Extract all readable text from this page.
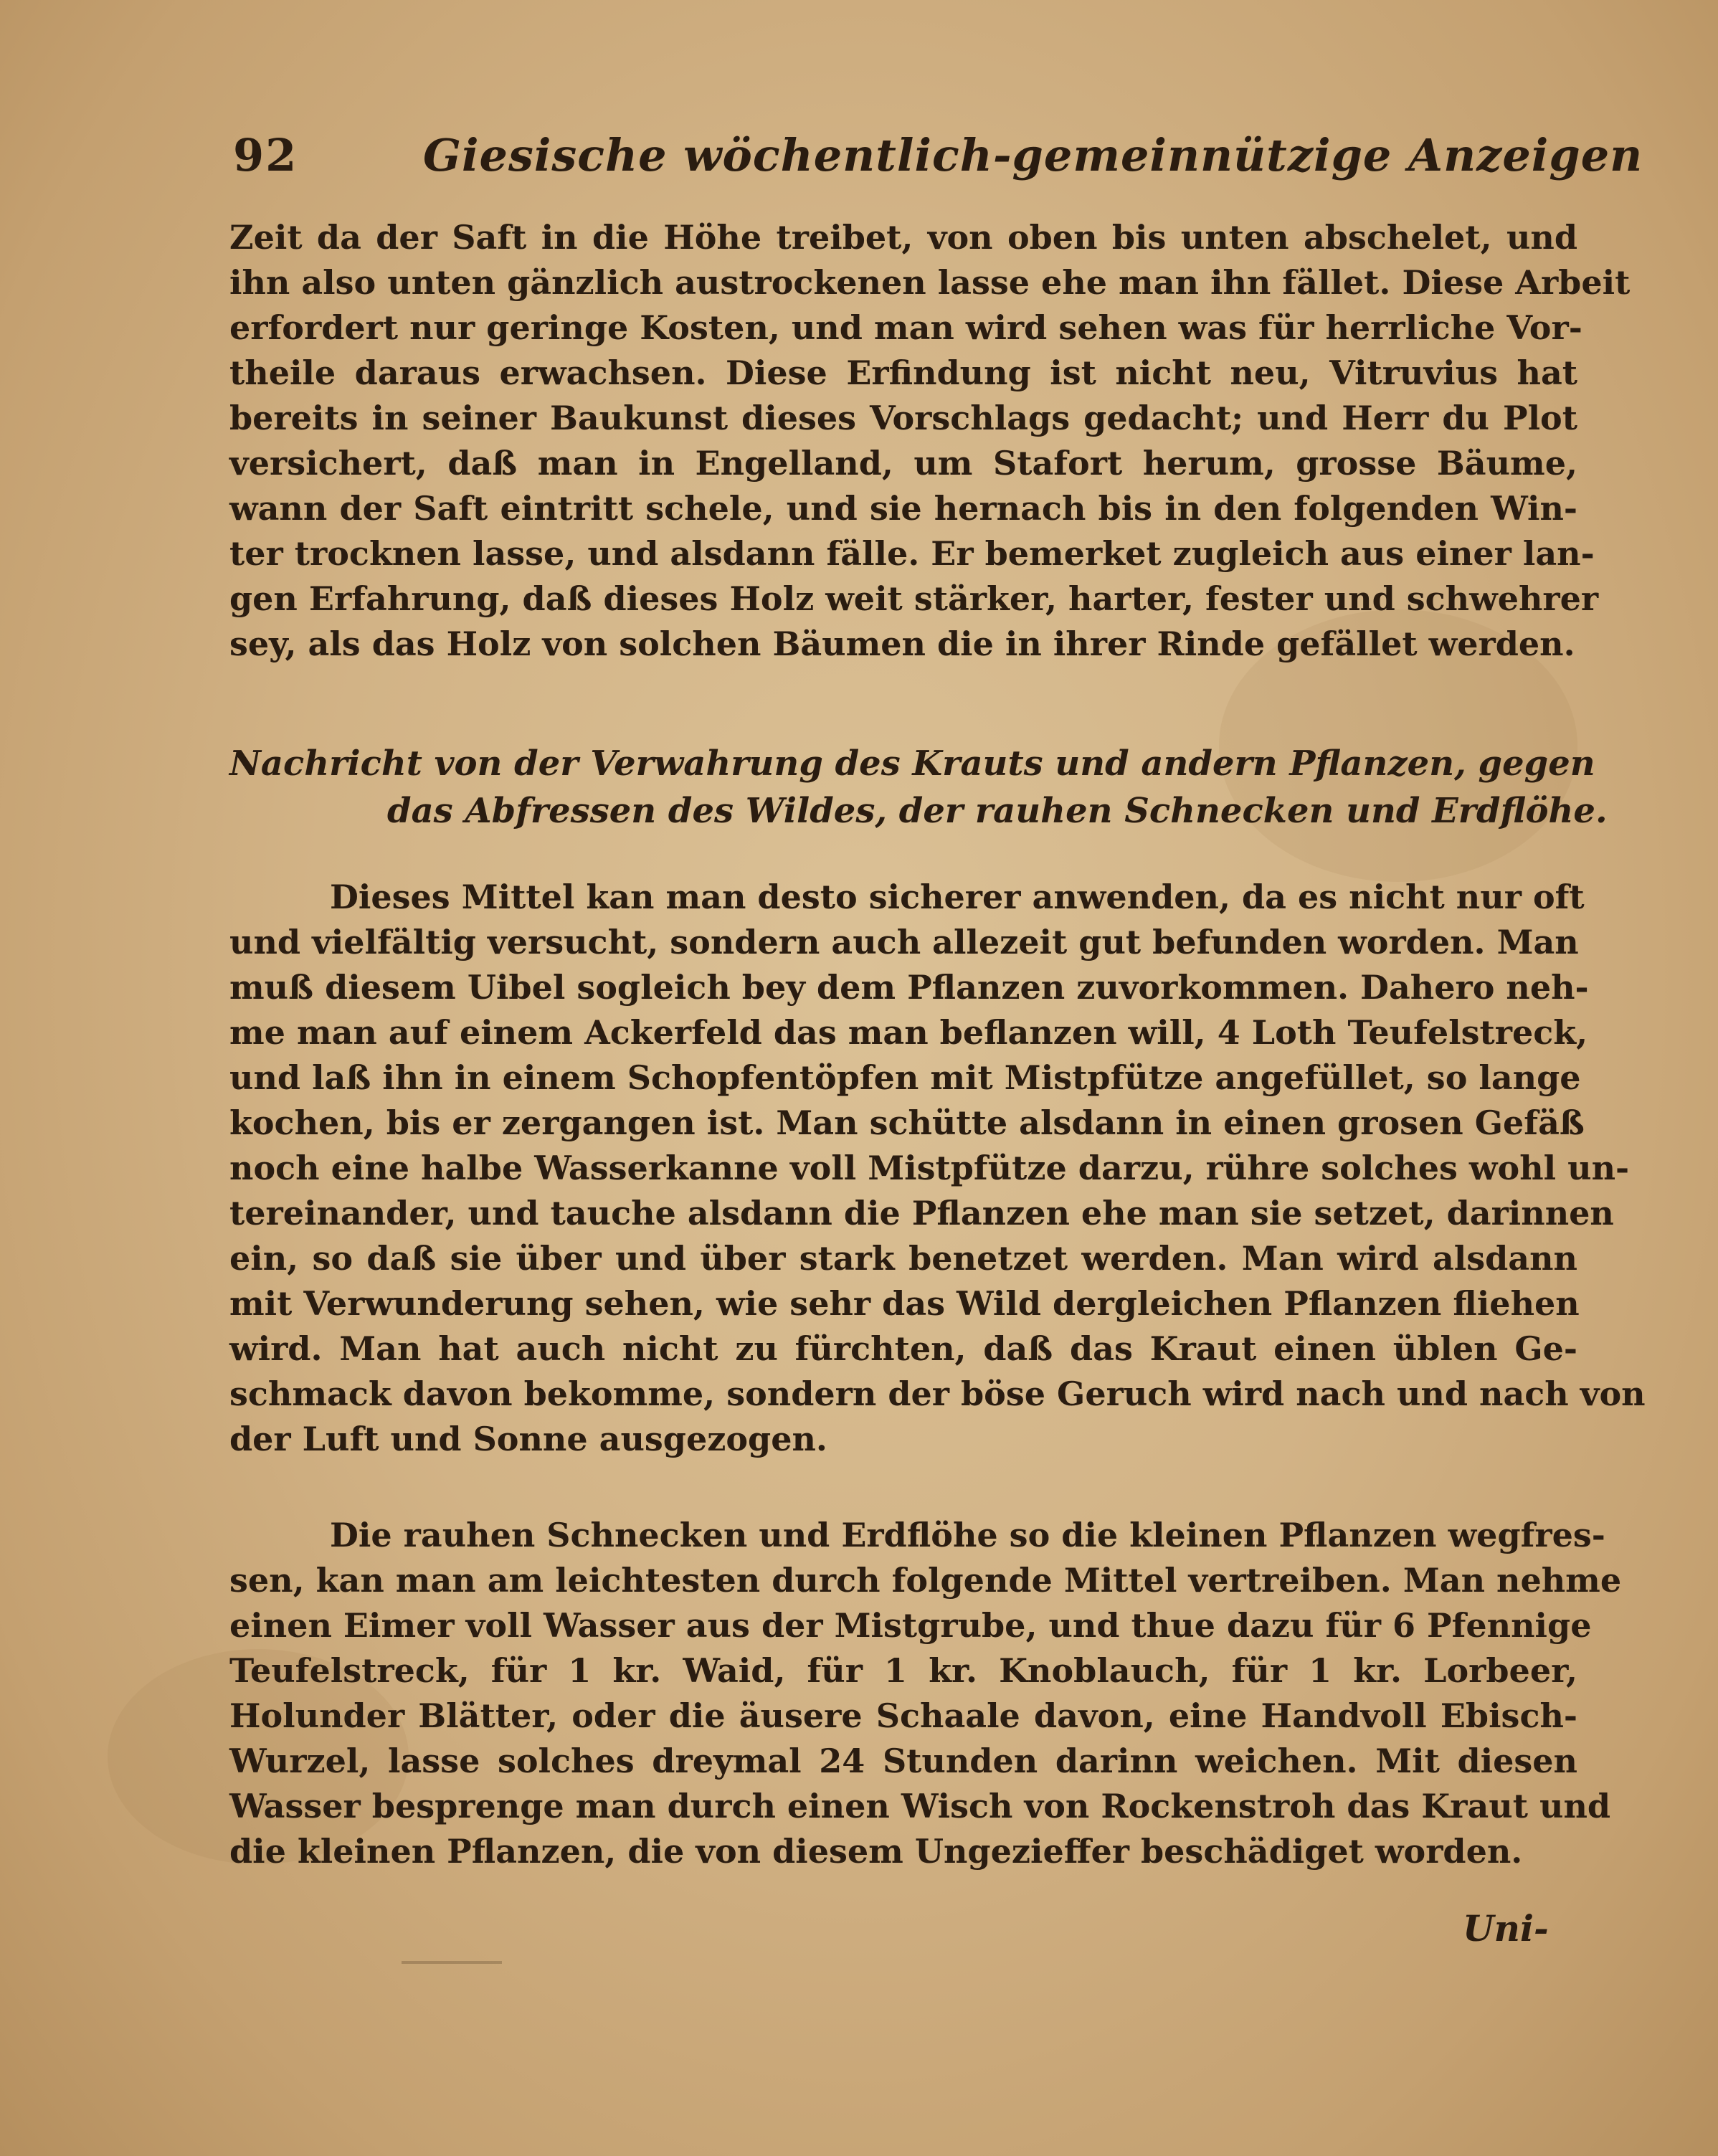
92	Giesische wöchentlich-gemeinnützige Anzeigen
Zeit da der Saft in die Höhe treibet, von oben bis unten abschelet, und
ihn also unten gänzlich austrockenen lasse ehe man ihn fället. Diese Arbeit
erfordert nur geringe Kosten, und man wird sehen was für herrliche Vor-
theile daraus erwachsen. Diese Erfindung ist nicht neu, Vitruvius hat
bereits in seiner Baukunst dieses Vorschlags gedacht; und Herr du Plot
versichert, daß man in Engelland, um Stafort herum, grosse Bäume,
wann der Saft eintritt schele, und sie hernach bis in den folgenden Win-
ter trocknen lasse, und alsdann fälle. Er bemerket zugleich aus einer lan-
gen Erfahrung, daß dieses Holz weit stärker, harter, fester und schwehrer
sey, als das Holz von solchen Bäumen die in ihrer Rinde gefället werden.
Nachricht von der Verwahrung des Krauts und andern Pflanzen, gegen
das Abfressen des Wildes, der rauhen Schnecken und Erdflöhe.
Dieses Mittel kan man desto sicherer anwenden, da es nicht nur oft
und vielfältig versucht, sondern auch allezeit gut befunden worden. Man
muß diesem Uibel sogleich bey dem Pflanzen zuvorkommen. Dahero neh-
me man auf einem Ackerfeld das man beflanzen will, 4 Loth Teufelstreck,
und laß ihn in einem Schopfentöpfen mit Mistpfütze angefüllet, so lange
kochen, bis er zergangen ist. Man schütte alsdann in einen grosen Gefäß
noch eine halbe Wasserkanne voll Mistpfütze darzu, rühre solches wohl un-
tereinander, und tauche alsdann die Pflanzen ehe man sie setzet, darinnen
ein, so daß sie über und über stark benetzet werden. Man wird alsdann
mit Verwunderung sehen, wie sehr das Wild dergleichen Pflanzen fliehen
wird. Man hat auch nicht zu fürchten, daß das Kraut einen üblen Ge-
schmack davon bekomme, sondern der böse Geruch wird nach und nach von
der Luft und Sonne ausgezogen.
Die rauhen Schnecken und Erdflöhe so die kleinen Pflanzen wegfres-
sen, kan man am leichtesten durch folgende Mittel vertreiben. Man nehme
einen Eimer voll Wasser aus der Mistgrube, und thue dazu für 6 Pfennige
Teufelstreck, für 1 kr. Waid, für 1 kr. Knoblauch, für 1 kr. Lorbeer,
Holunder Blätter, oder die äusere Schaale davon, eine Handvoll Ebisch-
Wurzel, lasse solches dreymal 24 Stunden darinn weichen. Mit diesen
Wasser besprenge man durch einen Wisch von Rockenstroh das Kraut und
die kleinen Pflanzen, die von diesem Ungezieffer beschädiget worden.
Uni-
